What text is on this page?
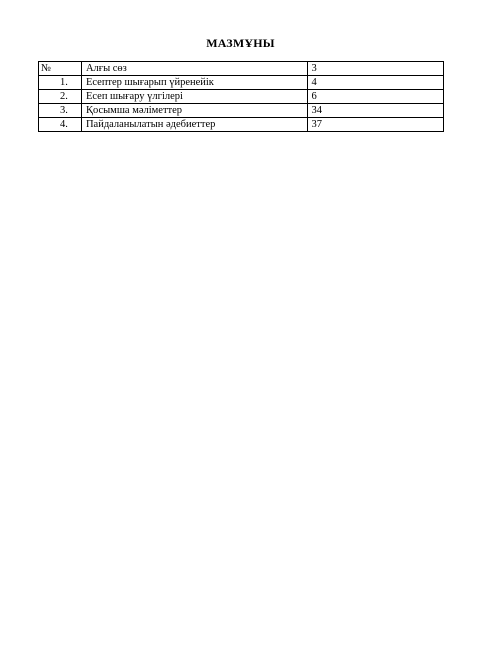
МАЗМҰНЫ
№	Алғы сөз	3
1.	Есептер шығарып үйренейік	4
2.	Есеп шығару үлгілері	6
3.	Қосымша мәліметтер	34
4.	Пайдаланылатын әдебиеттер	37
